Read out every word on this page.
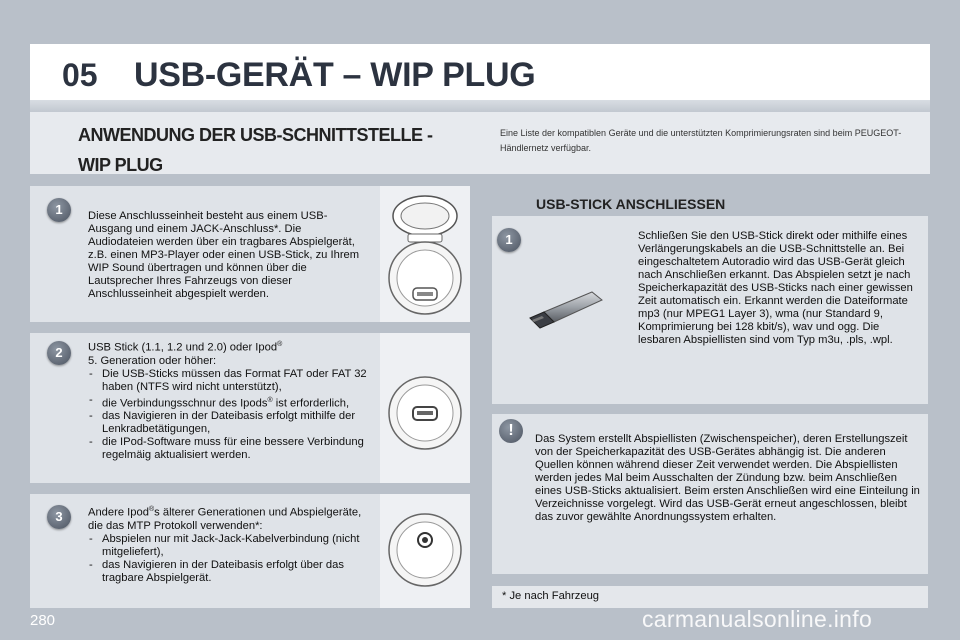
05 USB-GERÄT – WIP PLUG
ANWENDUNG DER USB-SCHNITTSTELLE -
WIP PLUG
Eine Liste der kompatiblen Geräte und die unterstützten Komprimierungsraten sind beim PEUGEOT-Händlernetz verfügbar.
1	Diese Anschlusseinheit besteht aus einem USB-Ausgang und einem JACK-Anschluss*. Die Audiodateien werden über ein tragbares Abspielgerät, z.B. einen MP3-Player oder einen USB-Stick, zu Ihrem WIP Sound übertragen und können über die Lautsprecher Ihres Fahrzeugs von dieser Anschlusseinheit abgespielt werden.
2	USB Stick (1.1, 1.2 und 2.0) oder Ipod®

5. Generation oder höher:

- Die USB-Sticks müssen das Format FAT oder FAT 32 haben (NTFS wird nicht unterstützt),
- die Verbindungsschnur des Ipods® ist erforderlich,
- das Navigieren in der Dateibasis erfolgt mithilfe der Lenkradbetätigungen,
- die IPod-Software muss für eine bessere Verbindung regelmäig aktualisiert werden.
3	Andere Ipod®s älterer Generationen und Abspielgeräte, die das MTP Protokoll verwenden*:

- Abspielen nur mit Jack-Jack-Kabelverbindung (nicht mitgeliefert),
- das Navigieren in der Dateibasis erfolgt über das tragbare Abspielgerät.
USB-STICK ANSCHLIESSEN
1	Schließen Sie den USB-Stick direkt oder mithilfe eines Verlängerungskabels an die USB-Schnittstelle an. Bei eingeschaltetem Autoradio wird das USB-Gerät gleich nach Anschließen erkannt. Das Abspielen setzt je nach Speicherkapazität des USB-Sticks nach einer gewissen Zeit automatisch ein. Erkannt werden die Dateiformate mp3 (nur MPEG1 Layer 3), wma (nur Standard 9, Komprimierung bei 128 kbit/s), wav und ogg. Die lesbaren Abspiellisten sind vom Typ m3u, .pls, .wpl.
!	Das System erstellt Abspiellisten (Zwischenspeicher), deren Erstellungszeit von der Speicherkapazität des USB-Gerätes abhängig ist. Die anderen Quellen können während dieser Zeit verwendet werden. Die Abspiellisten werden jedes Mal beim Ausschalten der Zündung bzw. beim Anschließen eines USB-Sticks aktualisiert. Beim ersten Anschließen wird eine Einteilung in Verzeichnisse vorgelegt. Wird das USB-Gerät erneut angeschlossen, bleibt das zuvor gewählte Anordnungssystem erhalten.
* Je nach Fahrzeug
280	carmanualsonline.info
